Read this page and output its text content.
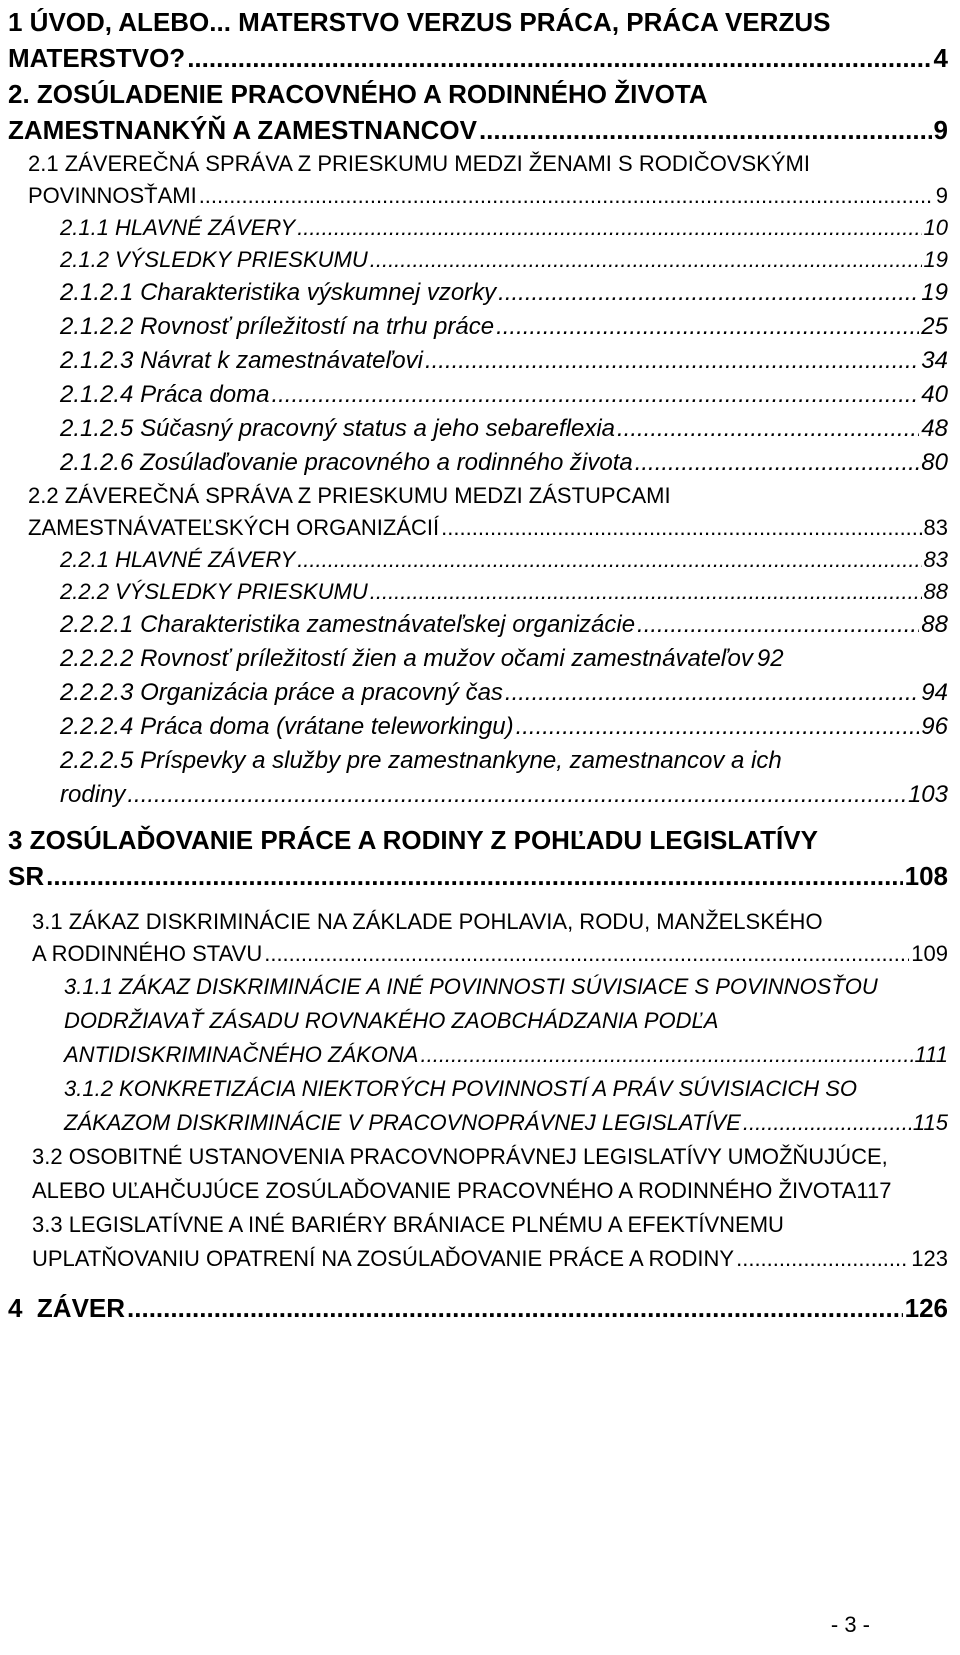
1 ÚVOD, ALEBO... MATERSTVO VERZUS PRÁCA, PRÁCA VERZUS
MATERSTVO? .....	4
2. ZOSÚLADENIE PRACOVNÉHO A RODINNÉHO ŽIVOTA
ZAMESTNANKÝŇ A ZAMESTNANCOV .....	9
2.1 ZÁVEREČNÁ SPRÁVA Z PRIESKUMU MEDZI ŽENAMI S RODIČOVSKÝMI
POVINNOSŤAMI .....	9
2.1.1 HLAVNÉ ZÁVERY .....	10
2.1.2 VÝSLEDKY PRIESKUMU .....	19
2.1.2.1 Charakteristika výskumnej vzorky .....	19
2.1.2.2 Rovnosť príležitostí na trhu práce .....	25
2.1.2.3 Návrat k zamestnávateľovi .....	34
2.1.2.4 Práca doma .....	40
2.1.2.5 Súčasný pracovný status a jeho sebareflexia .....	48
2.1.2.6 Zosúlaďovanie pracovného a rodinného života .....	80
2.2 ZÁVEREČNÁ SPRÁVA Z PRIESKUMU MEDZI ZÁSTUPCAMI
ZAMESTNÁVATEĽSKÝCH ORGANIZÁCIÍ .....	83
2.2.1 HLAVNÉ ZÁVERY .....	83
2.2.2 VÝSLEDKY PRIESKUMU .....	88
2.2.2.1 Charakteristika zamestnávateľskej organizácie .....	88
2.2.2.2 Rovnosť príležitostí žien a mužov očami zamestnávateľov 92
2.2.2.3 Organizácia práce a pracovný čas .....	94
2.2.2.4 Práca doma (vrátane teleworkingu) .....	96
2.2.2.5 Príspevky a služby pre zamestnankyne, zamestnancov a ich
rodiny .....	103
3 ZOSÚLAĎOVANIE PRÁCE A RODINY Z POHĽADU LEGISLATÍVY
SR .....	108
3.1 ZÁKAZ DISKRIMINÁCIE NA ZÁKLADE POHLAVIA, RODU, MANŽELSKÉHO
A RODINNÉHO STAVU .....	109
3.1.1 ZÁKAZ DISKRIMINÁCIE A INÉ POVINNOSTI SÚVISIACE S POVINNOSŤOU
DODRŽIAVAŤ ZÁSADU ROVNAKÉHO ZAOBCHÁDZANIA PODĽA
ANTIDISKRIMINAČNÉHO ZÁKONA .....	111
3.1.2 KONKRETIZÁCIA NIEKTORÝCH POVINNOSTÍ A PRÁV SÚVISIACICH SO
ZÁKAZOM DISKRIMINÁCIE V PRACOVNOPRÁVNEJ LEGISLATÍVE .....	115
3.2 OSOBITNÉ USTANOVENIA PRACOVNOPRÁVNEJ LEGISLATÍVY UMOŽŇUJÚCE,
ALEBO UĽAHČUJÚCE ZOSÚLAĎOVANIE PRACOVNÉHO A RODINNÉHO ŽIVOTA 117
3.3 LEGISLATÍVNE A INÉ BARIÉRY BRÁNIACE PLNÉMU A EFEKTÍVNEMU
UPLATŇOVANIU OPATRENÍ NA ZOSÚLAĎOVANIE PRÁCE A RODINY .....	123
4  ZÁVER .....	126
- 3 -
